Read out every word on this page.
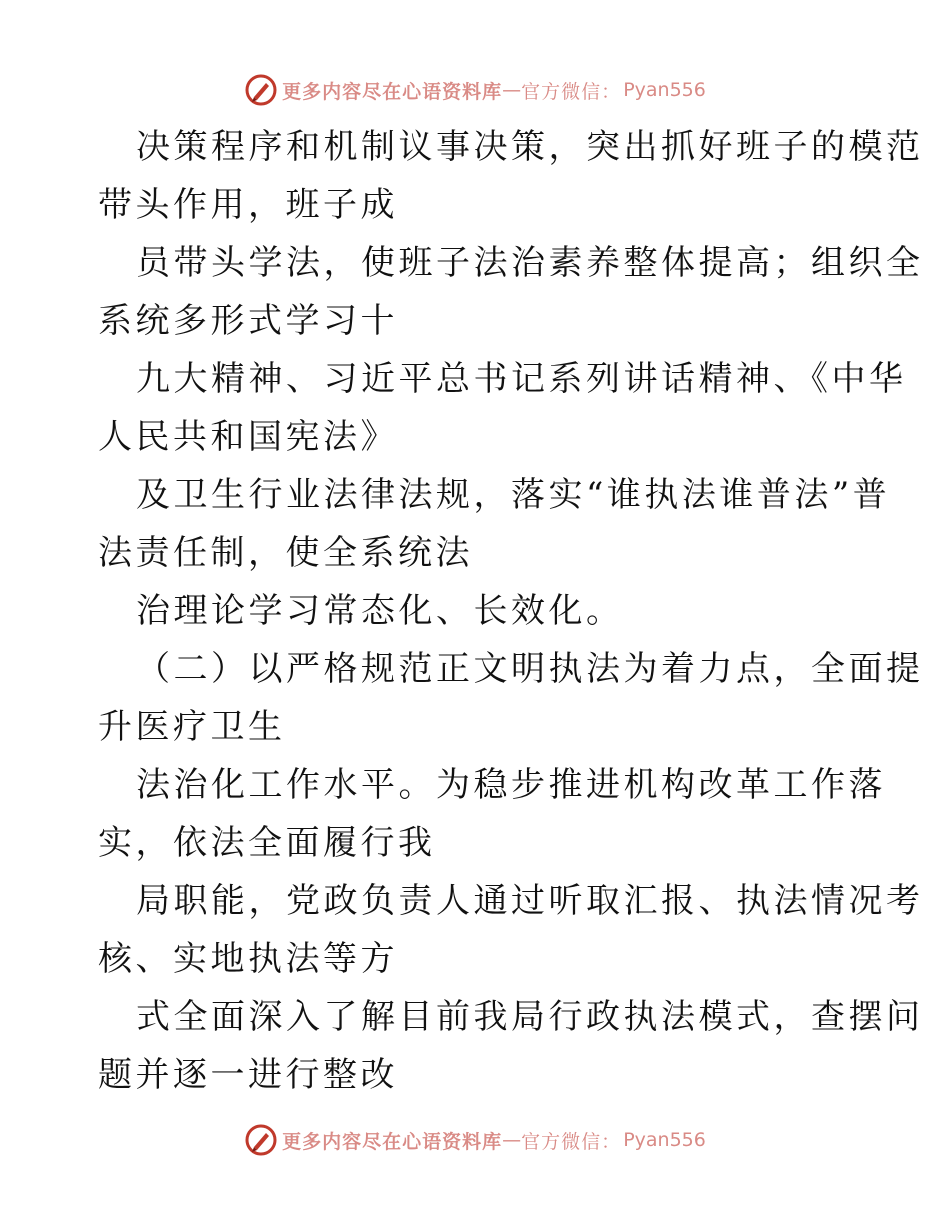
更多内容尽在心语资料库 — 官方微信： Pyan556
决策程序和机制议事决策，突出抓好班子的模范
带头作用，班子成
员带头学法，使班子法治素养整体提高；组织全
系统多形式学习十
九大精神、习近平总书记系列讲话精神、《中华
人民共和国宪法》
及卫生行业法律法规，落实“谁执法谁普法”普
法责任制，使全系统法
治理论学习常态化、长效化。
（二）以严格规范正文明执法为着力点，全面提
升医疗卫生
法治化工作水平。为稳步推进机构改革工作落
实，依法全面履行我
局职能，党政负责人通过听取汇报、执法情况考
核、实地执法等方
式全面深入了解目前我局行政执法模式，查摆问
题并逐一进行整改
更多内容尽在心语资料库 — 官方微信： Pyan556
